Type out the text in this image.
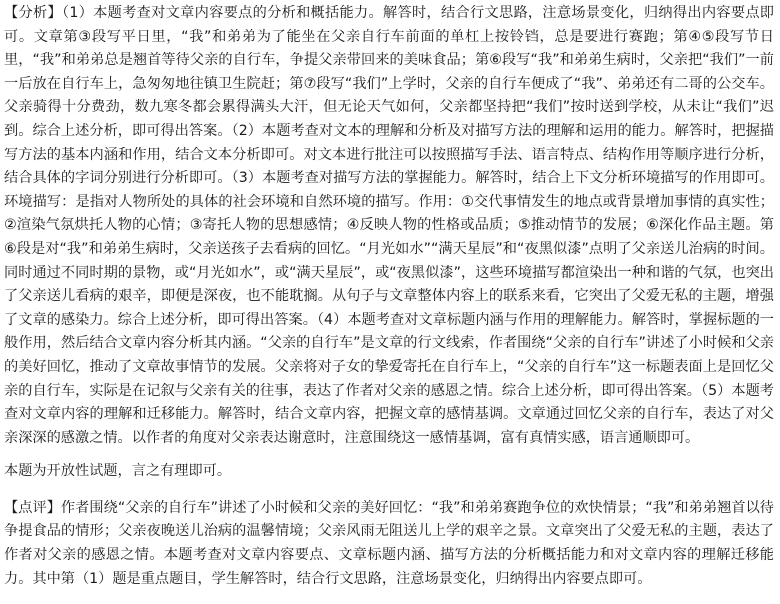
【分析】（1）本题考查对文章内容要点的分析和概括能力。解答时，结合行文思路，注意场景变化，归纳得出内容要点即可。文章第③段写平日里，“我”和弟弟为了能坐在父亲自行车前面的单杠上按铃铛，总是要进行赛跑；第④⑤段写节日里，“我”和弟弟总是翘首等待父亲的自行车，争提父亲带回来的美味食品；第⑥段写“我”和弟弟生病时，父亲把“我们”一前一后放在自行车上，急匆匆地往镇卫生院赶；第⑦段写“我们”上学时，父亲的自行车便成了“我”、弟弟还有二哥的公交车。父亲骑得十分费劲，数九寒冬都会累得满头大汗，但无论天气如何，父亲都坚持把“我们”按时送到学校，从未让“我们”迟到。综合上述分析，即可得出答案。（2）本题考查对文本的理解和分析及对描写方法的理解和运用的能力。解答时，把握描写方法的基本内涵和作用，结合文本分析即可。对文本进行批注可以按照描写手法、语言特点、结构作用等顺序进行分析，结合具体的字词分别进行分析即可。（3）本题考查对描写方法的掌握能力。解答时，结合上下文分析环境描写的作用即可。环境描写：是指对人物所处的具体的社会环境和自然环境的描写。作用：①交代事情发生的地点或背景增加事情的真实性；②渲染气氛烘托人物的心情；③寄托人物的思想感情；④反映人物的性格或品质；⑤推动情节的发展；⑥深化作品主题。第⑥段是对“我”和弟弟生病时，父亲送孩子去看病的回忆。“月光如水”“满天星辰”和“夜黑似漆”点明了父亲送儿治病的时间。同时通过不同时期的景物，或“月光如水”，或“满天星辰”，或“夜黑似漆”，这些环境描写都渲染出一种和谐的气氛，也突出了父亲送儿看病的艰辛，即便是深夜，也不能耽搁。从句子与文章整体内容上的联系来看，它突出了父爱无私的主题，增强了文章的感染力。综合上述分析，即可得出答案。（4）本题考查对文章标题内涵与作用的理解能力。解答时，掌握标题的一般作用，然后结合文章内容分析其内涵。“父亲的自行车”是文章的行文线索，作者围绕“父亲的自行车”讲述了小时候和父亲的美好回忆，推动了文章故事情节的发展。父亲将对子女的挚爱寄托在自行车上，“父亲的自行车”这一标题表面上是回忆父亲的自行车，实际是在记叙与父亲有关的往事，表达了作者对父亲的感恩之情。综合上述分析，即可得出答案。（5）本题考查对文章内容的理解和迁移能力。解答时，结合文章内容，把握文章的感情基调。文章通过回忆父亲的自行车，表达了对父亲深深的感激之情。以作者的角度对父亲表达谢意时，注意围绕这一感情基调，富有真情实感，语言通顺即可。

本题为开放性试题，言之有理即可。

【点评】作者围绕“父亲的自行车”讲述了小时候和父亲的美好回忆：“我”和弟弟赛跑争位的欢快情景；“我”和弟弟翘首以待争提食品的情形；父亲夜晚送儿治病的温馨情境；父亲风雨无阻送儿上学的艰辛之景。文章突出了父爱无私的主题，表达了作者对父亲的感恩之情。本题考查对文章内容要点、文章标题内涵、描写方法的分析概括能力和对文章内容的理解迁移能力。其中第（1）题是重点题目，学生解答时，结合行文思路，注意场景变化，归纳得出内容要点即可。
